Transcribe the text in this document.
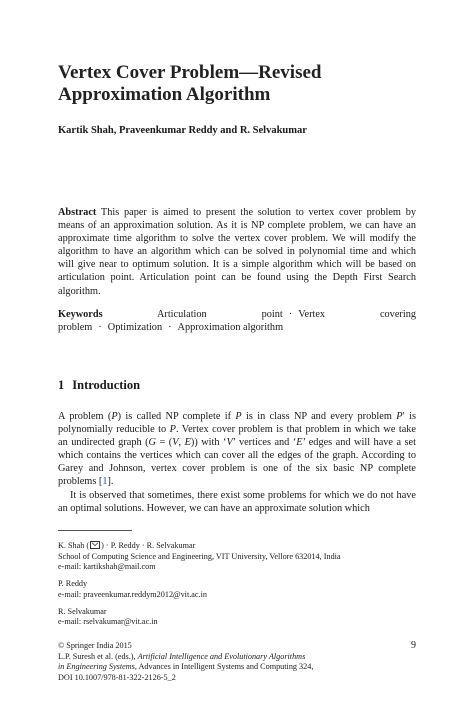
Vertex Cover Problem—Revised
Approximation Algorithm
Kartik Shah, Praveenkumar Reddy and R. Selvakumar
Abstract This paper is aimed to present the solution to vertex cover problem by means of an approximation solution. As it is NP complete problem, we can have an approximate time algorithm to solve the vertex cover problem. We will modify the algorithm to have an algorithm which can be solved in polynomial time and which will give near to optimum solution. It is a simple algorithm which will be based on articulation point. Articulation point can be found using the Depth First Search algorithm.
Keywords	Articulation point · Vertex covering problem · Optimization · Approximation algorithm
1 Introduction

A problem (P) is called NP complete if P is in class NP and every problem P′ is polynomially reducible to P. Vertex cover problem is that problem in which we take an undirected graph (G = (V, E)) with ‘V’ vertices and ‘E’ edges and will have a set which contains the vertices which can cover all the edges of the graph. According to Garey and Johnson, vertex cover problem is one of the six basic NP complete problems [1].

It is observed that sometimes, there exist some problems for which we do not have an optimal solutions. However, we can have an approximate solution which

K. Shah ( ) · P. Reddy · R. Selvakumar
School of Computing Science and Engineering, VIT University, Vellore 632014, India
e-mail: kartikshah@mail.com
P. Reddy
e-mail: praveenkumar.reddym2012@vit.ac.in
R. Selvakumar
e-mail: rselvakumar@vit.ac.in
9
© Springer India 2015
L.P. Suresh et al. (eds.), Artificial Intelligence and Evolutionary Algorithms
in Engineering Systems, Advances in Intelligent Systems and Computing 324,
DOI 10.1007/978-81-322-2126-5_2
